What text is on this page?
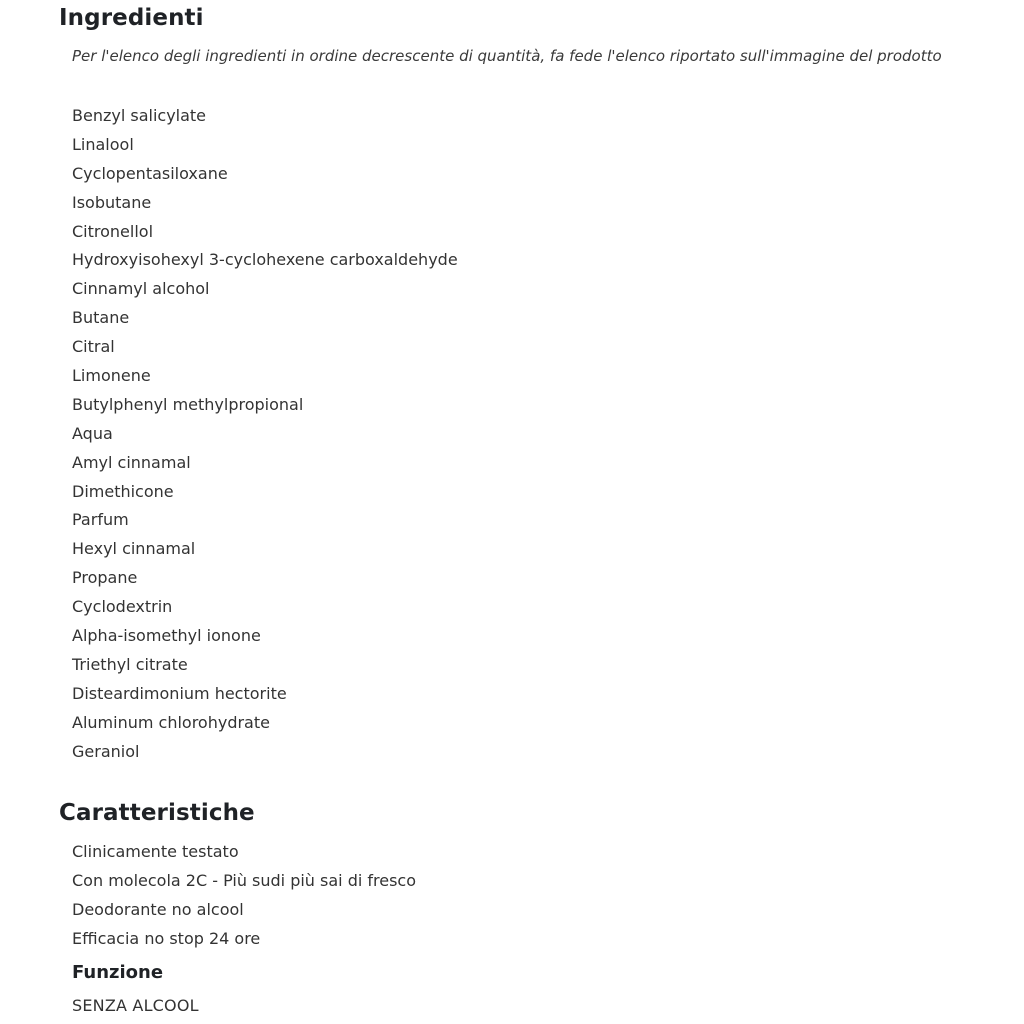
Ingredienti

Per l'elenco degli ingredienti in ordine decrescente di quantità, fa fede l'elenco riportato sull'immagine del prodotto

Benzyl salicylate
Linalool
Cyclopentasiloxane
Isobutane
Citronellol
Hydroxyisohexyl 3-cyclohexene carboxaldehyde
Cinnamyl alcohol
Butane
Citral
Limonene
Butylphenyl methylpropional
Aqua
Amyl cinnamal
Dimethicone
Parfum
Hexyl cinnamal
Propane
Cyclodextrin
Alpha-isomethyl ionone
Triethyl citrate
Disteardimonium hectorite
Aluminum chlorohydrate
Geraniol
Caratteristiche
Clinicamente testato
Con molecola 2C - Più sudi più sai di fresco
Deodorante no alcool
Efficacia no stop 24 ore
Funzione

SENZA ALCOOL
